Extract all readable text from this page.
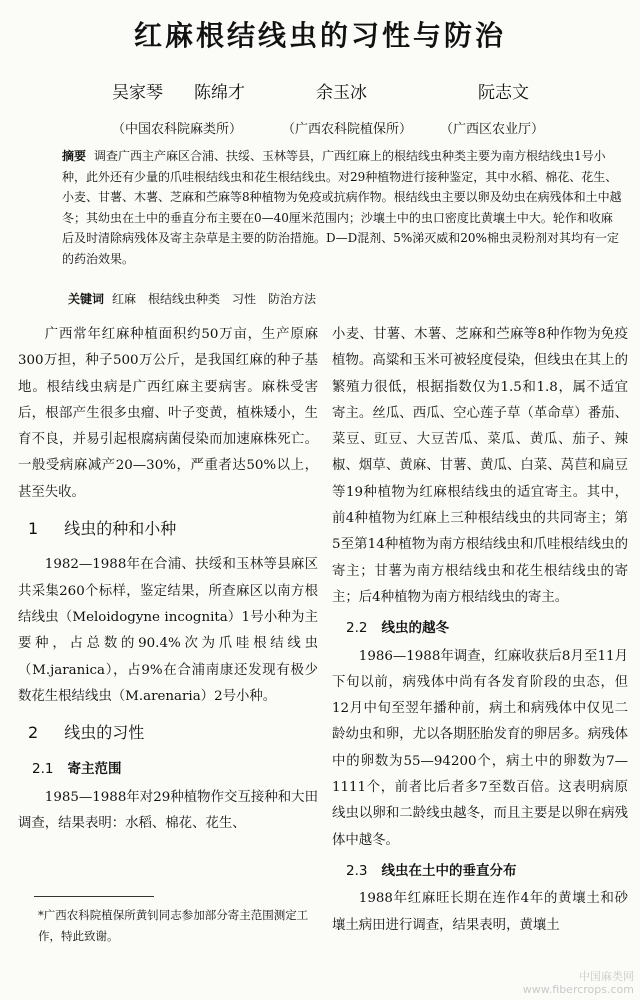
红麻根结线虫的习性与防治
吴家琴 陈绵才	余玉冰	阮志文
（中国农科院麻类所）	（广西农科院植保所） （广西区农业厅）
摘要 调查广西主产麻区合浦、扶绥、玉林等县，广西红麻上的根结线虫种类主要为南方根结线虫1号小种，此外还有少量的爪哇根结线虫和花生根结线虫。对29种植物进行接种鉴定，其中水稻、棉花、花生、小麦、甘薯、木薯、芝麻和苎麻等8种植物为免疫或抗病作物。根结线虫主要以卵及幼虫在病残体和土中越冬；其幼虫在土中的垂直分布主要在0—40厘米范围内；沙壤土中的虫口密度比黄壤土中大。轮作和收麻后及时清除病残体及寄主杂草是主要的防治措施。D—D混剂、5%涕灭威和20%棉虫灵粉剂对其均有一定的药治效果。
关键词 红麻　根结线虫种类　习性　防治方法

广西常年红麻种植面积约50万亩，生产原麻300万担，种子500万公斤，是我国红麻的种子基地。根结线虫病是广西红麻主要病害。麻株受害后，根部产生很多虫瘤、叶子变黄，植株矮小，生育不良，并易引起根腐病菌侵染而加速麻株死亡。一般受病麻减产20—30%，严重者达50%以上，甚至失收。

1 线虫的种和小种

1982—1988年在合浦、扶绥和玉林等县麻区共采集260个标样，鉴定结果，所查麻区以南方根结线虫（Meloidogyne incognita）1号小种为主要种，占总数的90.4%次为爪哇根结线虫（M.jaranica），占9%在合浦南康还发现有极少数花生根结线虫（M.arenaria）2号小种。

2 线虫的习性
2.1 寄主范围

1985—1988年对29种植物作交互接种和大田调查，结果表明：水稻、棉花、花生、

*广西农科院植保所黄钊同志参加部分寄主范围测定工作，特此致谢。

小麦、甘薯、木薯、芝麻和苎麻等8种作物为免疫植物。高粱和玉米可被轻度侵染，但线虫在其上的繁殖力很低，根据指数仅为1.5和1.8，属不适宜寄主。丝瓜、西瓜、空心莲子草（革命草）番茄、菜豆、豇豆、大豆苦瓜、菜瓜、黄瓜、茄子、辣椒、烟草、黄麻、甘薯、黄瓜、白菜、莴苣和扁豆等19种植物为红麻根结线虫的适宜寄主。其中，前4种植物为红麻上三种根结线虫的共同寄主；第5至第14种植物为南方根结线虫和爪哇根结线虫的寄主；甘薯为南方根结线虫和花生根结线虫的寄主；后4种植物为南方根结线虫的寄主。

2.2 线虫的越冬

1986—1988年调查，红麻收获后8月至11月下旬以前，病残体中尚有各发育阶段的虫态，但12月中旬至翌年播种前，病土和病残体中仅见二龄幼虫和卵，尤以各期胚胎发育的卵居多。病残体中的卵数为55—94200个，病土中的卵数为7—1111个，前者比后者多7至数百倍。这表明病原线虫以卵和二龄线虫越冬，而且主要是以卵在病残体中越冬。

2.3 线虫在土中的垂直分布

1988年红麻旺长期在连作4年的黄壤土和砂壤土病田进行调查，结果表明，黄壤土

中国麻类网
www.fibercrops.com
